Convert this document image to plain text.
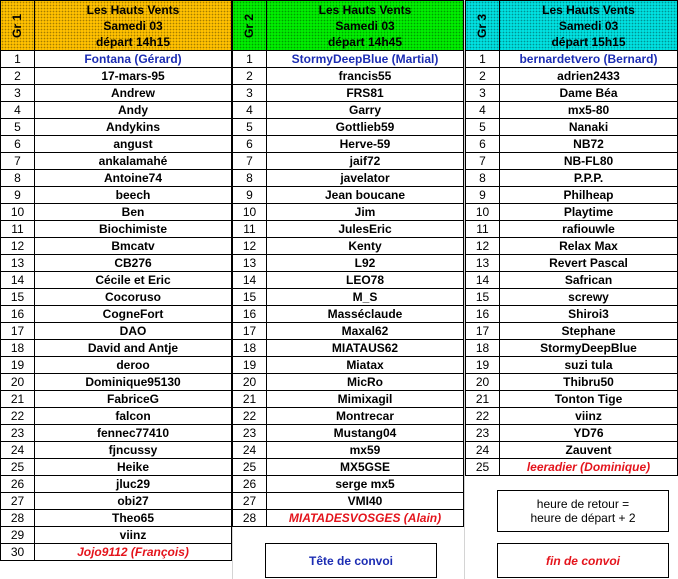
Gr 1
Les Hauts Vents
Samedi 03
départ 14h15
1	Fontana (Gérard)
2	17-mars-95
3	Andrew
4	Andy
5	Andykins
6	angust
7	ankalamahé
8	Antoine74
9	beech
10	Ben
11	Biochimiste
12	Bmcatv
13	CB276
14	Cécile et Eric
15	Cocoruso
16	CogneFort
17	DAO
18	David and Antje
19	deroo
20	Dominique95130
21	FabriceG
22	falcon
23	fennec77410
24	fjncussy
25	Heike
26	jluc29
27	obi27
28	Theo65
29	viinz
30	Jojo9112 (François)
Gr 2
Les Hauts Vents
Samedi 03
départ 14h45
1	StormyDeepBlue (Martial)
2	francis55
3	FRS81
4	Garry
5	Gottlieb59
6	Herve-59
7	jaif72
8	javelator
9	Jean boucane
10	Jim
11	JulesEric
12	Kenty
13	L92
14	LEO78
15	M_S
16	Masséclaude
17	Maxal62
18	MIATAUS62
19	Miatax
20	MicRo
21	Mimixagil
22	Montrecar
23	Mustang04
24	mx59
25	MX5GSE
26	serge mx5
27	VMI40
28	MIATADESVOSGES (Alain)
Gr 3
Les Hauts Vents
Samedi 03
départ 15h15
1	bernardetvero (Bernard)
2	adrien2433
3	Dame Béa
4	mx5-80
5	Nanaki
6	NB72
7	NB-FL80
8	P.P.P.
9	Philheap
10	Playtime
11	rafiouwle
12	Relax Max
13	Revert Pascal
14	Safrican
15	screwy
16	Shiroi3
17	Stephane
18	StormyDeepBlue
19	suzi tula
20	Thibru50
21	Tonton Tige
22	viinz
23	YD76
24	Zauvent
25	leeradier (Dominique)
heure de retour =
heure de départ + 2
Tête de convoi	fin de convoi
